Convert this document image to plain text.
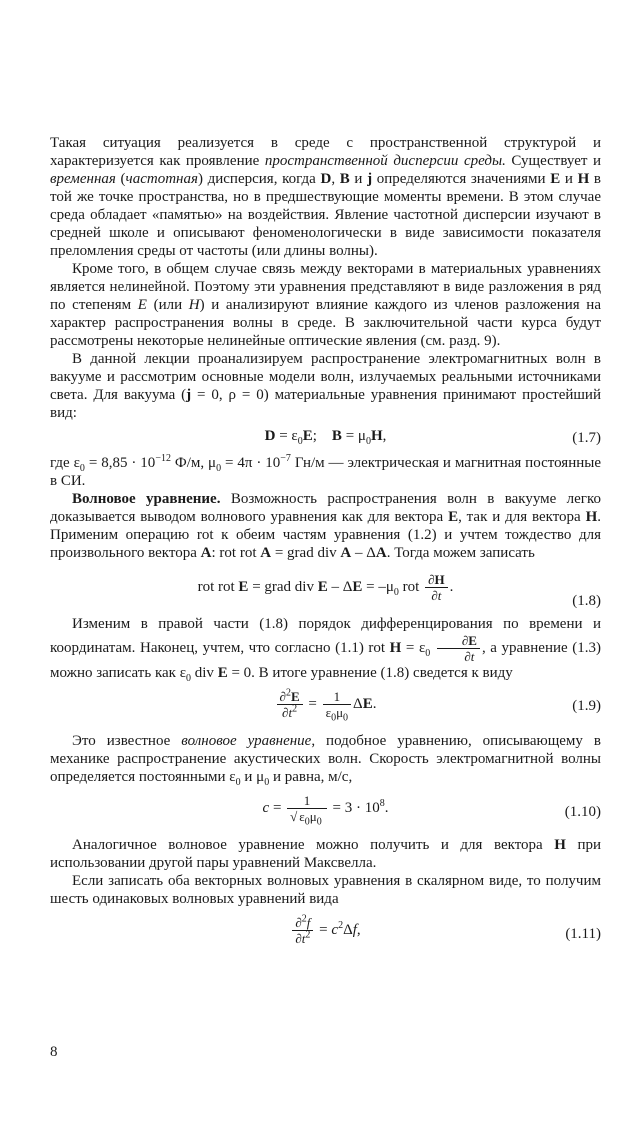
Такая ситуация реализуется в среде с пространственной структурой и характеризуется как проявление пространственной дисперсии среды. Существует и временная (частотная) дисперсия, когда D, B и j определяются значениями E и H в той же точке пространства, но в предшествующие моменты времени. В этом случае среда обладает «памятью» на воздействия. Явление частотной дисперсии изучают в средней школе и описывают феноменологически в виде зависимости показателя преломления среды от частоты (или длины волны).

Кроме того, в общем случае связь между векторами в материальных уравнениях является нелинейной. Поэтому эти уравнения представляют в виде разложения в ряд по степеням E (или H) и анализируют влияние каждого из членов разложения на характер распространения волны в среде. В заключительной части курса будут рассмотрены некоторые нелинейные оптические явления (см. разд. 9).

В данной лекции проанализируем распространение электромагнитных волн в вакууме и рассмотрим основные модели волн, излучаемых реальными источниками света. Для вакуума (j = 0, ρ = 0) материальные уравнения принимают простейший вид:

$D = \varepsilon_0E$;    $B = \mu_0H$,	(1.7)

где $\varepsilon_0 = 8,85 \cdot 10^{-12}$ Ф/м, $\mu_0 = 4\pi \cdot 10^{-7}$ Гн/м — электрическая и магнитная постоянные в СИ.

Волновое уравнение. Возможность распространения волн в вакууме легко доказывается выводом волнового уравнения как для вектора E, так и для вектора H. Применим операцию rot к обеим частям уравнения (1.2) и учтем тождество для произвольного вектора A: rot rot A = grad div A – ΔA. Тогда можем записать

rot rot E = grad div $E - \Delta E = -\mu_0$ rot $\frac{\partial H}{\partial t}$ .
(1.8)

Изменим в правой части (1.8) порядок дифференцирования по времени и координатам. Наконец, учтем, что согласно (1.1) rot $H = \varepsilon_0 \frac{\partial E}{\partial t}$ , а уравнение (1.3) можно записать как $\varepsilon_0$ div E = 0. В итоге уравнение (1.8) сведется к виду

$\frac{\partial^2E}{\partial t^2} = \frac{1}{\varepsilon_0\mu_0} \Delta E$.	(1.9)

Это известное волновое уравнение, подобное уравнению, описывающему в механике распространение акустических волн. Скорость электромагнитной волны определяется постоянными $\varepsilon_0$ и $\mu_0$ и равна, м/с,

$c = \frac{1}{√ \varepsilon_0\mu_0} = 3 \cdot 10^8$.	(1.10)

Аналогичное волновое уравнение можно получить и для вектора H при использовании другой пары уравнений Максвелла.

Если записать оба векторных волновых уравнения в скалярном виде, то получим шесть одинаковых волновых уравнений вида

$\frac{\partial^2f}{\partial t^2} = c^2\Delta f$,	(1.11)
8
